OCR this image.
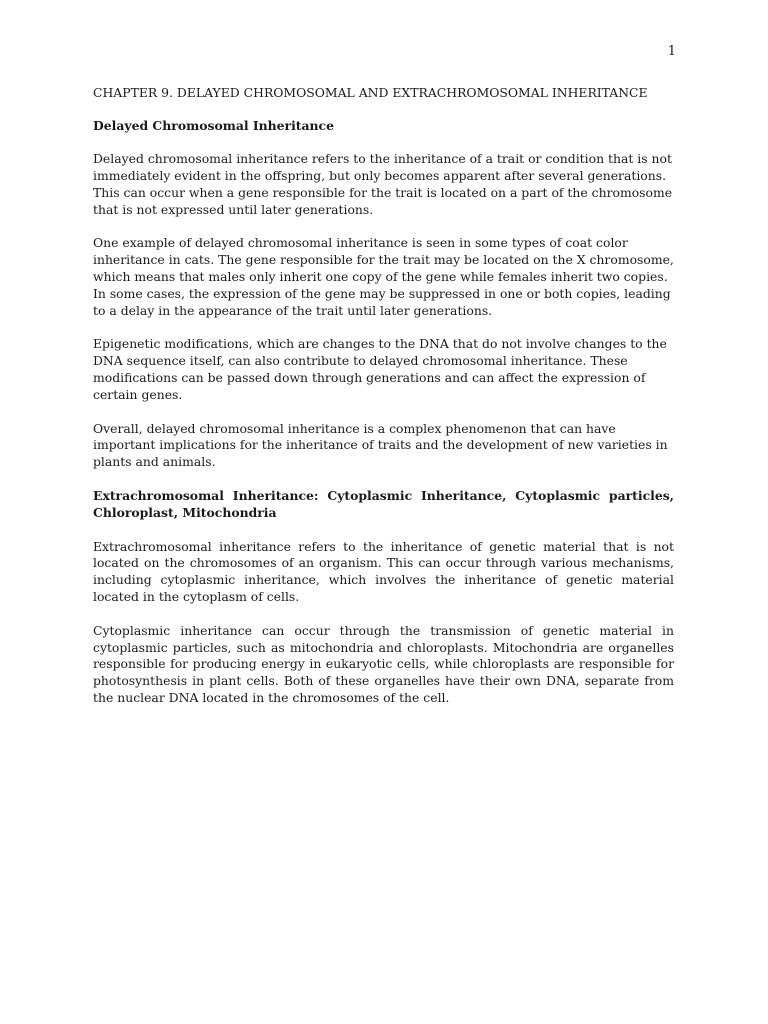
1
CHAPTER 9. DELAYED CHROMOSOMAL AND EXTRACHROMOSOMAL INHERITANCE
Delayed Chromosomal Inheritance

Delayed chromosomal inheritance refers to the inheritance of a trait or condition that is not immediately evident in the offspring, but only becomes apparent after several generations. This can occur when a gene responsible for the trait is located on a part of the chromosome that is not expressed until later generations.

One example of delayed chromosomal inheritance is seen in some types of coat color inheritance in cats. The gene responsible for the trait may be located on the X chromosome, which means that males only inherit one copy of the gene while females inherit two copies. In some cases, the expression of the gene may be suppressed in one or both copies, leading to a delay in the appearance of the trait until later generations.

Epigenetic modifications, which are changes to the DNA that do not involve changes to the DNA sequence itself, can also contribute to delayed chromosomal inheritance. These modifications can be passed down through generations and can affect the expression of certain genes.

Overall, delayed chromosomal inheritance is a complex phenomenon that can have important implications for the inheritance of traits and the development of new varieties in plants and animals.

Extrachromosomal Inheritance: Cytoplasmic Inheritance, Cytoplasmic particles, Chloroplast, Mitochondria

Extrachromosomal inheritance refers to the inheritance of genetic material that is not located on the chromosomes of an organism. This can occur through various mechanisms, including cytoplasmic inheritance, which involves the inheritance of genetic material located in the cytoplasm of cells.

Cytoplasmic inheritance can occur through the transmission of genetic material in cytoplasmic particles, such as mitochondria and chloroplasts. Mitochondria are organelles responsible for producing energy in eukaryotic cells, while chloroplasts are responsible for photosynthesis in plant cells. Both of these organelles have their own DNA, separate from the nuclear DNA located in the chromosomes of the cell.
